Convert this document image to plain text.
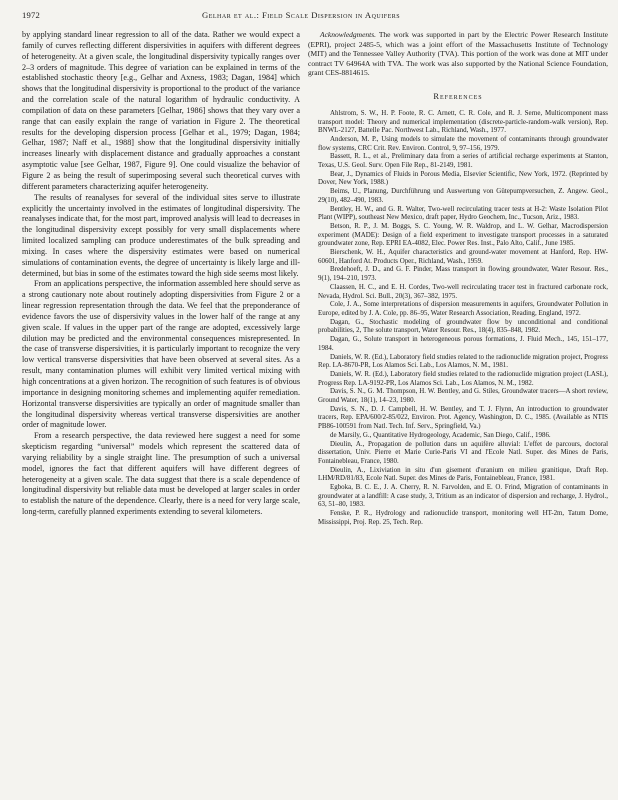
1972	Gelhar et al.: Field Scale Dispersion in Aquifers

by applying standard linear regression to all of the data. Rather we would expect a family of curves reflecting different dispersivities in aquifers with different degrees of heterogeneity. At a given scale, the longitudinal dispersivity typically ranges over 2–3 orders of magnitude. This degree of variation can be explained in terms of the established stochastic theory [e.g., Gelhar and Axness, 1983; Dagan, 1984] which shows that the longitudinal dispersivity is proportional to the product of the variance and the correlation scale of the natural logarithm of hydraulic conductivity. A compilation of data on these parameters [Gelhar, 1986] shows that they vary over a range that can easily explain the range of variation in Figure 2. The theoretical results for the developing dispersion process [Gelhar et al., 1979; Dagan, 1984; Gelhar, 1987; Naff et al., 1988] show that the longitudinal dispersivity initially increases linearly with displacement distance and gradually approaches a constant asymptotic value [see Gelhar, 1987, Figure 9]. One could visualize the behavior of Figure 2 as being the result of superimposing several such theoretical curves with different parameters characterizing aquifer heterogeneity.

The results of reanalyses for several of the individual sites serve to illustrate explicitly the uncertainty involved in the estimates of longitudinal dispersivity. The reanalyses indicate that, for the most part, improved analysis will lead to decreases in the longitudinal dispersivity except possibly for very small displacements where limited localized sampling can produce underestimates of the bulk spreading and mixing. In cases where the dispersivity estimates were based on numerical simulations of contamination events, the degree of uncertainty is likely large and ill-determined, but bias in some of the estimates toward the high side seems most likely.

From an applications perspective, the information assembled here should serve as a strong cautionary note about routinely adopting dispersivities from Figure 2 or a linear regression representation through the data. We feel that the preponderance of evidence favors the use of dispersivity values in the lower half of the range at any given scale. If values in the upper part of the range are adopted, excessively large dilution may be predicted and the environmental consequences misrepresented. In the case of transverse dispersivities, it is particularly important to recognize the very low vertical transverse dispersivities that have been observed at several sites. As a result, many contamination plumes will exhibit very limited vertical mixing with high concentrations at a given horizon. The recognition of such features is of obvious importance in designing monitoring schemes and implementing aquifer remediation. Horizontal transverse dispersivities are typically an order of magnitude smaller than the longitudinal dispersivity whereas vertical transverse dispersivities are another order of magnitude lower.

From a research perspective, the data reviewed here suggest a need for some skepticism regarding “universal” models which represent the scattered data of varying reliability by a single straight line. The presumption of such a universal model, ignores the fact that different aquifers will have different degrees of heterogeneity at a given scale. The data suggest that there is a scale dependence of longitudinal dispersivity but reliable data must be developed at larger scales in order to establish the nature of the dependence. Clearly, there is a need for very large scale, long-term, carefully planned experiments extending to several kilometers.

Acknowledgments. The work was supported in part by the Electric Power Research Institute (EPRI), project 2485-5, which was a joint effort of the Massachusetts Institute of Technology (MIT) and the Tennessee Valley Authority (TVA). This portion of the work was done at MIT under contract TV 64964A with TVA. The work was also supported by the National Science Foundation, grant CES-8814615.

References

Ahlstrom, S. W., H. P. Foote, R. C. Arnett, C. R. Cole, and R. J. Serne, Multicomponent mass transport model: Theory and numerical implementation (discrete-particle-random-walk version), Rep. BNWL-2127, Battelle Pac. Northwest Lab., Richland, Wash., 1977.

Anderson, M. P., Using models to simulate the movement of contaminants through groundwater flow systems, CRC Crit. Rev. Environ. Control, 9, 97–156, 1979.

Bassett, R. L., et al., Preliminary data from a series of artificial recharge experiments at Stanton, Texas, U.S. Geol. Surv. Open File Rep., 81-2149, 1981.

Bear, J., Dynamics of Fluids in Porous Media, Elsevier Scientific, New York, 1972. (Reprinted by Dover, New York, 1988.)

Beims, U., Planung, Durchführung und Auswertung von Gütepumpversuchen, Z. Angew. Geol., 29(10), 482–490, 1983.

Bentley, H. W., and G. R. Walter, Two-well recirculating tracer tests at H-2: Waste Isolation Pilot Plant (WIPP), southeast New Mexico, draft paper, Hydro Geochem, Inc., Tucson, Ariz., 1983.

Betson, R. P., J. M. Boggs, S. C. Young, W. R. Waldrop, and L. W. Gelhar, Macrodispersion experiment (MADE): Design of a field experiment to investigate transport processes in a saturated groundwater zone, Rep. EPRI EA-4082, Elec. Power Res. Inst., Palo Alto, Calif., June 1985.

Bierschenk, W. H., Aquifer characteristics and ground-water movement at Hanford, Rep. HW-60601, Hanford At. Products Oper., Richland, Wash., 1959.

Bredehoeft, J. D., and G. F. Pinder, Mass transport in flowing groundwater, Water Resour. Res., 9(1), 194–210, 1973.

Claassen, H. C., and E. H. Cordes, Two-well recirculating tracer test in fractured carbonate rock, Nevada, Hydrol. Sci. Bull., 20(3), 367–382, 1975.

Cole, J. A., Some interpretations of dispersion measurements in aquifers, Groundwater Pollution in Europe, edited by J. A. Cole, pp. 86–95, Water Research Association, Reading, England, 1972.

Dagan, G., Stochastic modeling of groundwater flow by unconditional and conditional probabilities, 2, The solute transport, Water Resour. Res., 18(4), 835–848, 1982.

Dagan, G., Solute transport in heterogeneous porous formations, J. Fluid Mech., 145, 151–177, 1984.

Daniels, W. R. (Ed.), Laboratory field studies related to the radionuclide migration project, Progress Rep. LA-8670-PR, Los Alamos Sci. Lab., Los Alamos, N. M., 1981.

Daniels, W. R. (Ed.), Laboratory field studies related to the radionuclide migration project (LASL), Progress Rep. LA-9192-PR, Los Alamos Sci. Lab., Los Alamos, N. M., 1982.

Davis, S. N., G. M. Thompson, H. W. Bentley, and G. Stiles, Groundwater tracers—A short review, Ground Water, 18(1), 14–23, 1980.

Davis, S. N., D. J. Campbell, H. W. Bentley, and T. J. Flynn, An introduction to groundwater tracers, Rep. EPA/600/2-85/022, Environ. Prot. Agency, Washington, D. C., 1985. (Available as NTIS PB86-100591 from Natl. Tech. Inf. Serv., Springfield, Va.)

de Marsily, G., Quantitative Hydrogeology, Academic, San Diego, Calif., 1986.

Dieulin, A., Propagation de pollution dans un aquifère alluvial: L'effet de parcours, doctoral dissertation, Univ. Pierre et Marie Curie-Paris VI and l'Ecole Natl. Super. des Mines de Paris, Fontainebleau, France, 1980.

Dieulin, A., Lixiviation in situ d'un gisement d'uranium en milieu granitique, Draft Rep. LHM/RD/81/83, Ecole Natl. Super. des Mines de Paris, Fontainebleau, France, 1981.

Egboka, B. C. E., J. A. Cherry, R. N. Farvolden, and E. O. Frind, Migration of contaminants in groundwater at a landfill: A case study, 3, Tritium as an indicator of dispersion and recharge, J. Hydrol., 63, 51–80, 1983.

Fenske, P. R., Hydrology and radionuclide transport, monitoring well HT-2m, Tatum Dome, Mississippi, Proj. Rep. 25, Tech. Rep.
